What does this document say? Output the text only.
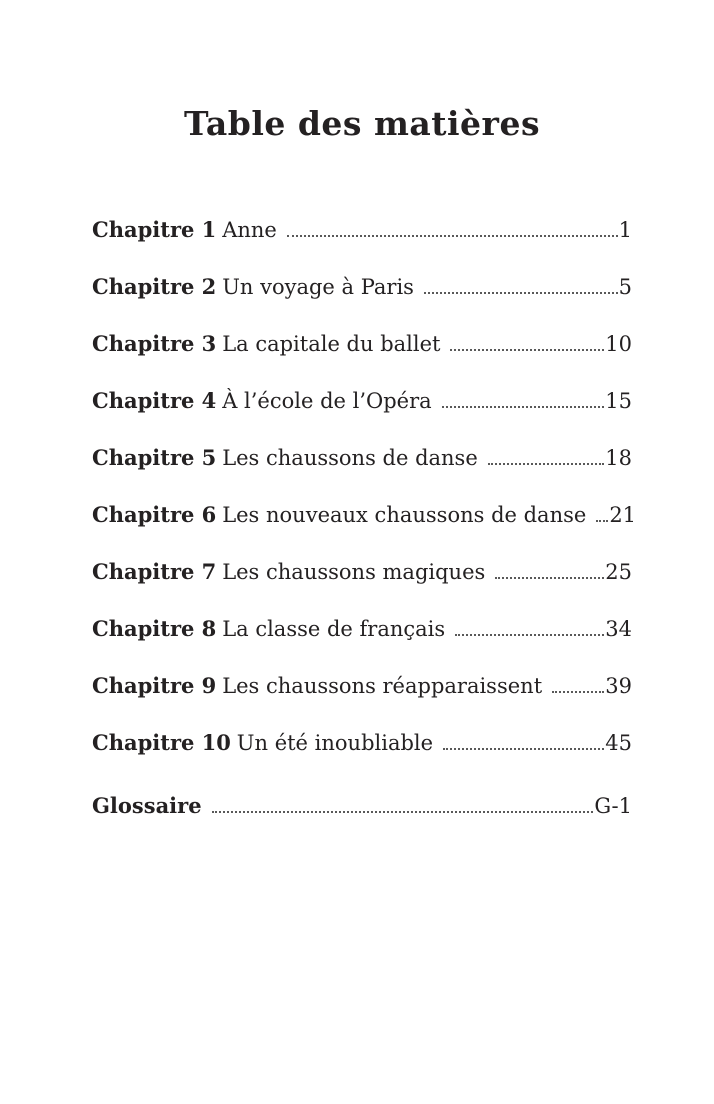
Table des matières
Chapitre 1 Anne	1
Chapitre 2 Un voyage à Paris	5
Chapitre 3 La capitale du ballet	10
Chapitre 4 À l’école de l’Opéra	15
Chapitre 5 Les chaussons de danse	18
Chapitre 6 Les nouveaux chaussons de danse 21
Chapitre 7 Les chaussons magiques	25
Chapitre 8 La classe de français	34
Chapitre 9 Les chaussons réapparaissent	39
Chapitre 10 Un été inoubliable	45
Glossaire	G-1
